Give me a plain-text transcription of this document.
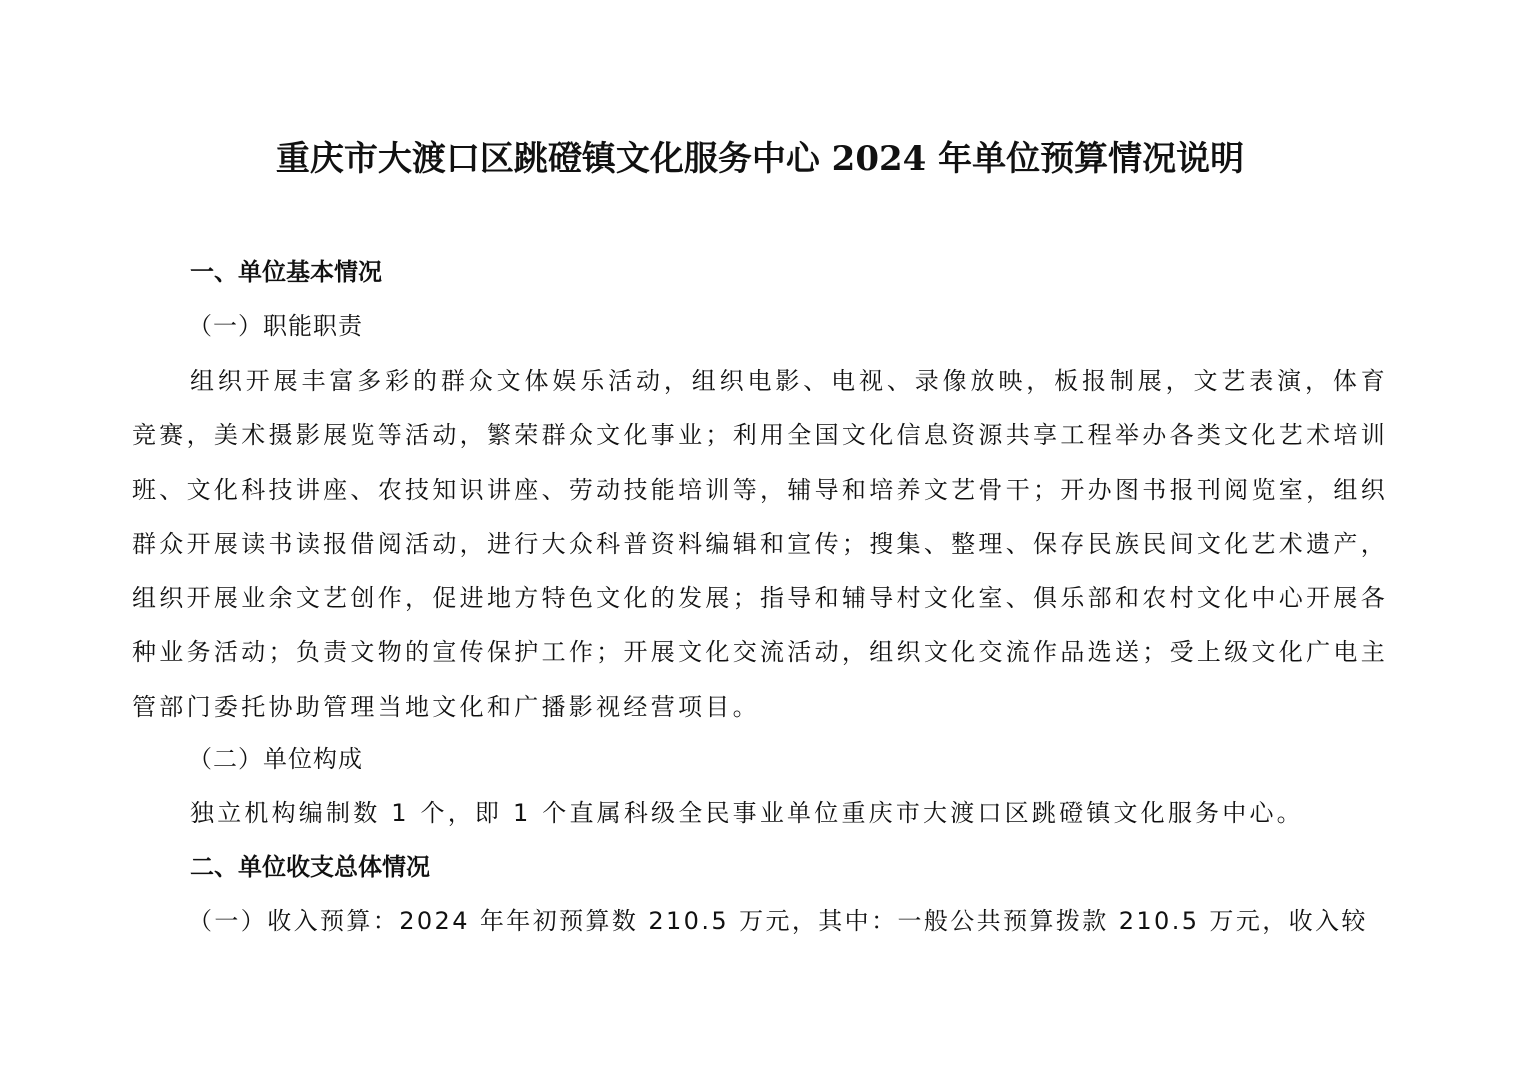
重庆市大渡口区跳磴镇文化服务中心 2024 年单位预算情况说明
一、单位基本情况
（一）职能职责

组织开展丰富多彩的群众文体娱乐活动，组织电影、电视、录像放映，板报制展，文艺表演，体育竞赛，美术摄影展览等活动，繁荣群众文化事业；利用全国文化信息资源共享工程举办各类文化艺术培训班、文化科技讲座、农技知识讲座、劳动技能培训等，辅导和培养文艺骨干；开办图书报刊阅览室，组织群众开展读书读报借阅活动，进行大众科普资料编辑和宣传；搜集、整理、保存民族民间文化艺术遗产，组织开展业余文艺创作，促进地方特色文化的发展；指导和辅导村文化室、俱乐部和农村文化中心开展各种业务活动；负责文物的宣传保护工作；开展文化交流活动，组织文化交流作品选送；受上级文化广电主管部门委托协助管理当地文化和广播影视经营项目。

（二）单位构成
独立机构编制数 1 个，即 1 个直属科级全民事业单位重庆市大渡口区跳磴镇文化服务中心。
二、单位收支总体情况
（一）收入预算：2024 年年初预算数 210.5 万元，其中：一般公共预算拨款 210.5 万元，收入较
